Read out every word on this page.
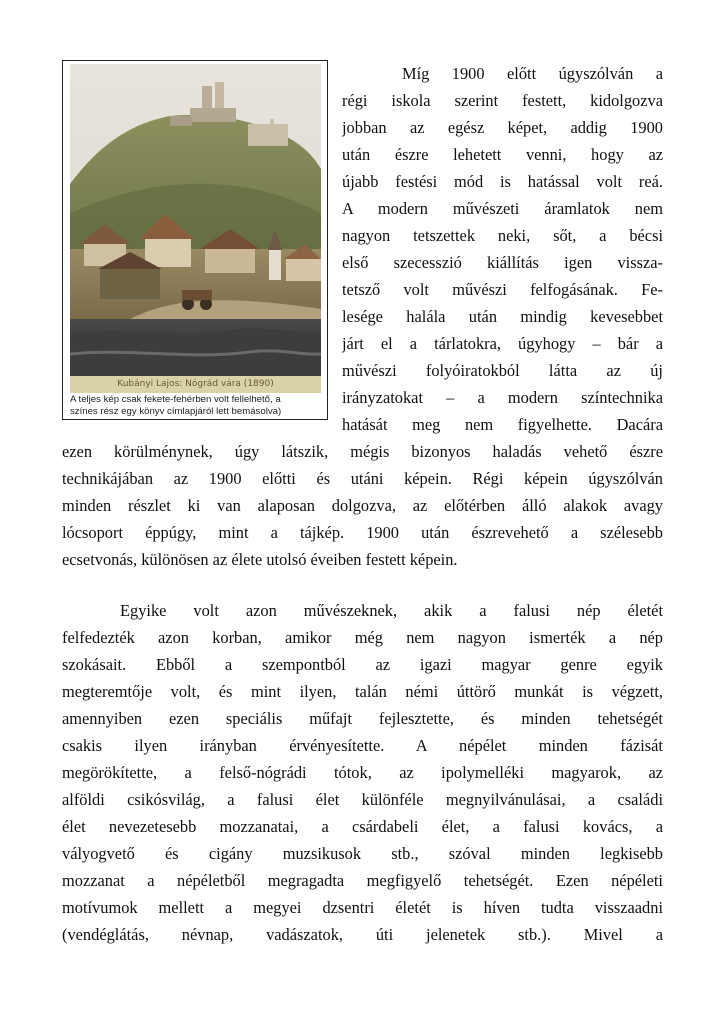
Kubányi Lajos: Nógrád vára (1890)
A teljes kép csak fekete-fehérben volt fellelhető, a
színes rész egy könyv címlapjáról lett bemásolva)
Míg 1900 előtt úgyszólván a
régi iskola szerint festett, kidolgozva
jobban az egész képet, addig 1900
után észre lehetett venni, hogy az
újabb festési mód is hatással volt reá.
A modern művészeti áramlatok nem
nagyon tetszettek neki, sőt, a bécsi
első szecesszió kiállítás igen vissza-
tetsző volt művészi felfogásának. Fe-
lesége halála után mindig kevesebbet
járt el a tárlatokra, úgyhogy – bár a
művészi folyóiratokból látta az új
irányzatokat – a modern színtechnika
hatását meg nem figyelhette. Dacára
ezen körülménynek, úgy látszik, mégis bizonyos haladás vehető észre
technikájában az 1900 előtti és utáni képein. Régi képein úgyszólván
minden részlet ki van alaposan dolgozva, az előtérben álló alakok avagy
lócsoport éppúgy, mint a tájkép. 1900 után észrevehető a szélesebb
ecsetvonás, különösen az élete utolsó éveiben festett képein.
Egyike volt azon művészeknek, akik a falusi nép életét
felfedezték azon korban, amikor még nem nagyon ismerték a nép
szokásait. Ebből a szempontból az igazi magyar genre egyik
megteremtője volt, és mint ilyen, talán némi úttörő munkát is végzett,
amennyiben ezen speciális műfajt fejlesztette, és minden tehetségét
csakis ilyen irányban érvényesítette. A népélet minden fázisát
megörökítette, a felső-nógrádi tótok, az ipolymelléki magyarok, az
alföldi csikósvilág, a falusi élet különféle megnyilvánulásai, a családi
élet nevezetesebb mozzanatai, a csárdabeli élet, a falusi kovács, a
vályogvető és cigány muzsikusok stb., szóval minden legkisebb
mozzanat a népéletből megragadta megfigyelő tehetségét. Ezen népéleti
motívumok mellett a megyei dzsentri életét is híven tudta visszaadni
(vendéglátás, névnap, vadászatok, úti jelenetek stb.). Mivel a
